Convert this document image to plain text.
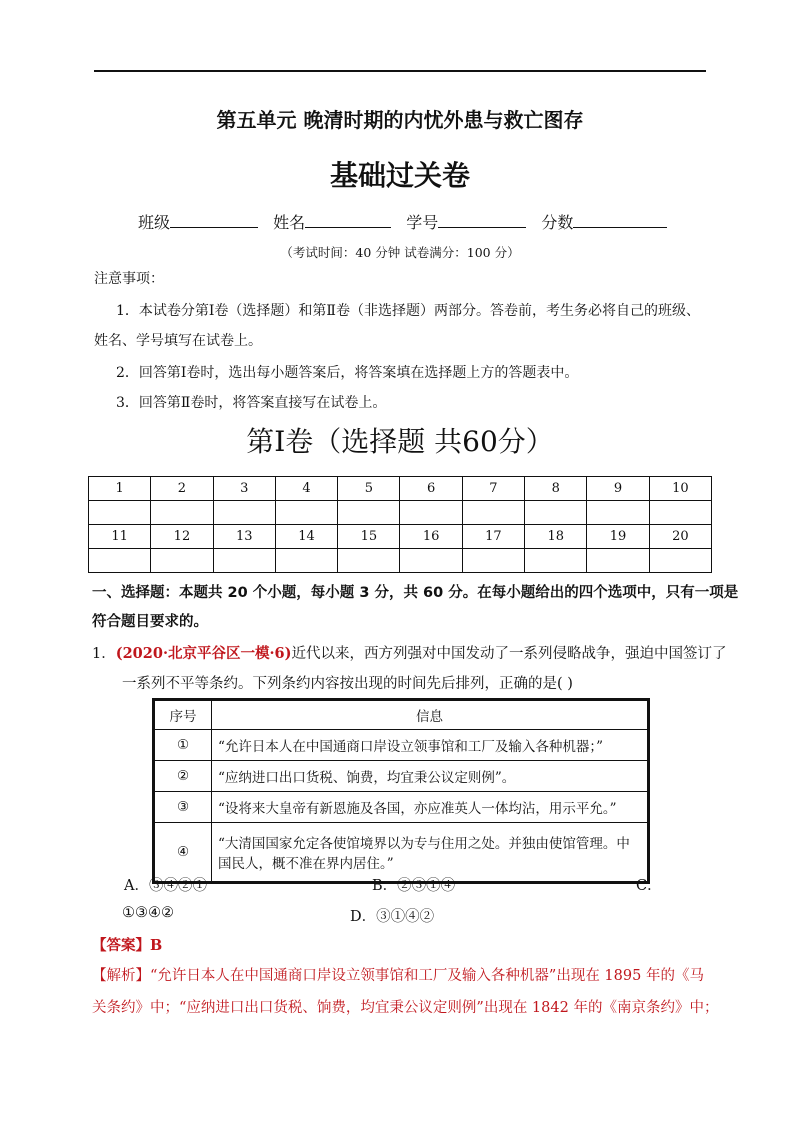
第五单元 晚清时期的内忧外患与救亡图存
基础过关卷
班级	姓名	学号	分数
（考试时间：40 分钟 试卷满分：100 分）
注意事项：
1．本试卷分第Ⅰ卷（选择题）和第Ⅱ卷（非选择题）两部分。答卷前，考生务必将自己的班级、
姓名、学号填写在试卷上。
2．回答第Ⅰ卷时，选出每小题答案后，将答案填在选择题上方的答题表中。
3．回答第Ⅱ卷时，将答案直接写在试卷上。
第Ⅰ卷（选择题 共60分）
1	2	3	4	5	6	7	8	9	10

11	12	13	14	15	16	17	18	19	20

一、选择题：本题共 20 个小题，每小题 3 分，共 60 分。在每小题给出的四个选项中，只有一项是
符合题目要求的。
1．(2020·北京平谷区一模·6)近代以来，西方列强对中国发动了一系列侵略战争，强迫中国签订了
一系列不平等条约。下列条约内容按出现的时间先后排列，正确的是( )
序号	信息
①	“允许日本人在中国通商口岸设立领事馆和工厂及输入各种机器；”
②	“应纳进口出口货税、饷费，均宜秉公议定则例”。
③	“设将来大皇帝有新恩施及各国，亦应准英人一体均沾，用示平允。”
④	“大清国国家允定各使馆境界以为专与住用之处。并独由使馆管理。中国民人，概不准在界内居住。”
A．③④②①	B．②③①④	C．
①③④②	D．③①④②
【答案】B
【解析】“允许日本人在中国通商口岸设立领事馆和工厂及输入各种机器”出现在 1895 年的《马
关条约》中；“应纳进口出口货税、饷费，均宜秉公议定则例”出现在 1842 年的《南京条约》中；
